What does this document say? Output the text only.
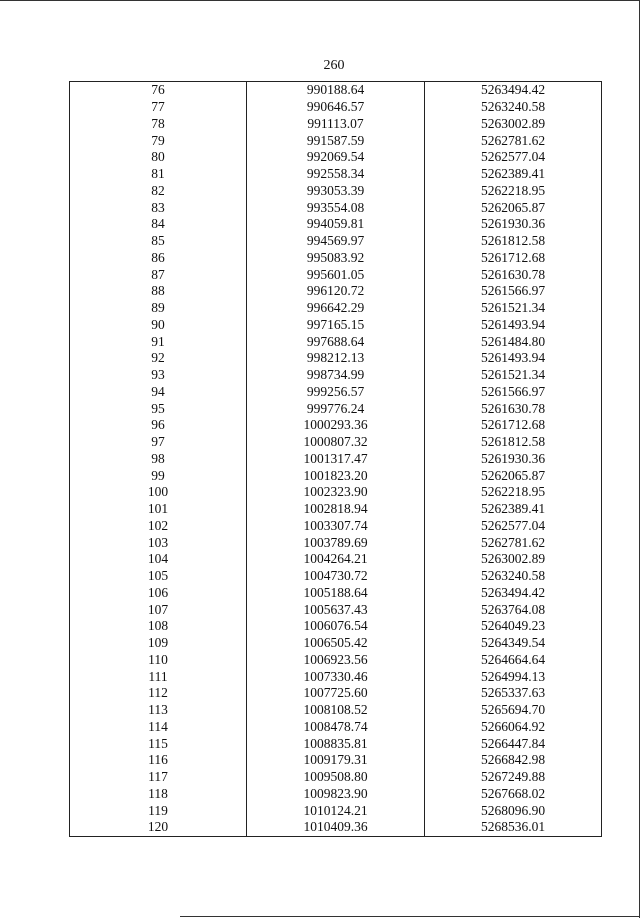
260
76	990188.64	5263494.42
77	990646.57	5263240.58
78	991113.07	5263002.89
79	991587.59	5262781.62
80	992069.54	5262577.04
81	992558.34	5262389.41
82	993053.39	5262218.95
83	993554.08	5262065.87
84	994059.81	5261930.36
85	994569.97	5261812.58
86	995083.92	5261712.68
87	995601.05	5261630.78
88	996120.72	5261566.97
89	996642.29	5261521.34
90	997165.15	5261493.94
91	997688.64	5261484.80
92	998212.13	5261493.94
93	998734.99	5261521.34
94	999256.57	5261566.97
95	999776.24	5261630.78
96	1000293.36	5261712.68
97	1000807.32	5261812.58
98	1001317.47	5261930.36
99	1001823.20	5262065.87
100	1002323.90	5262218.95
101	1002818.94	5262389.41
102	1003307.74	5262577.04
103	1003789.69	5262781.62
104	1004264.21	5263002.89
105	1004730.72	5263240.58
106	1005188.64	5263494.42
107	1005637.43	5263764.08
108	1006076.54	5264049.23
109	1006505.42	5264349.54
110	1006923.56	5264664.64
111	1007330.46	5264994.13
112	1007725.60	5265337.63
113	1008108.52	5265694.70
114	1008478.74	5266064.92
115	1008835.81	5266447.84
116	1009179.31	5266842.98
117	1009508.80	5267249.88
118	1009823.90	5267668.02
119	1010124.21	5268096.90
120	1010409.36	5268536.01
